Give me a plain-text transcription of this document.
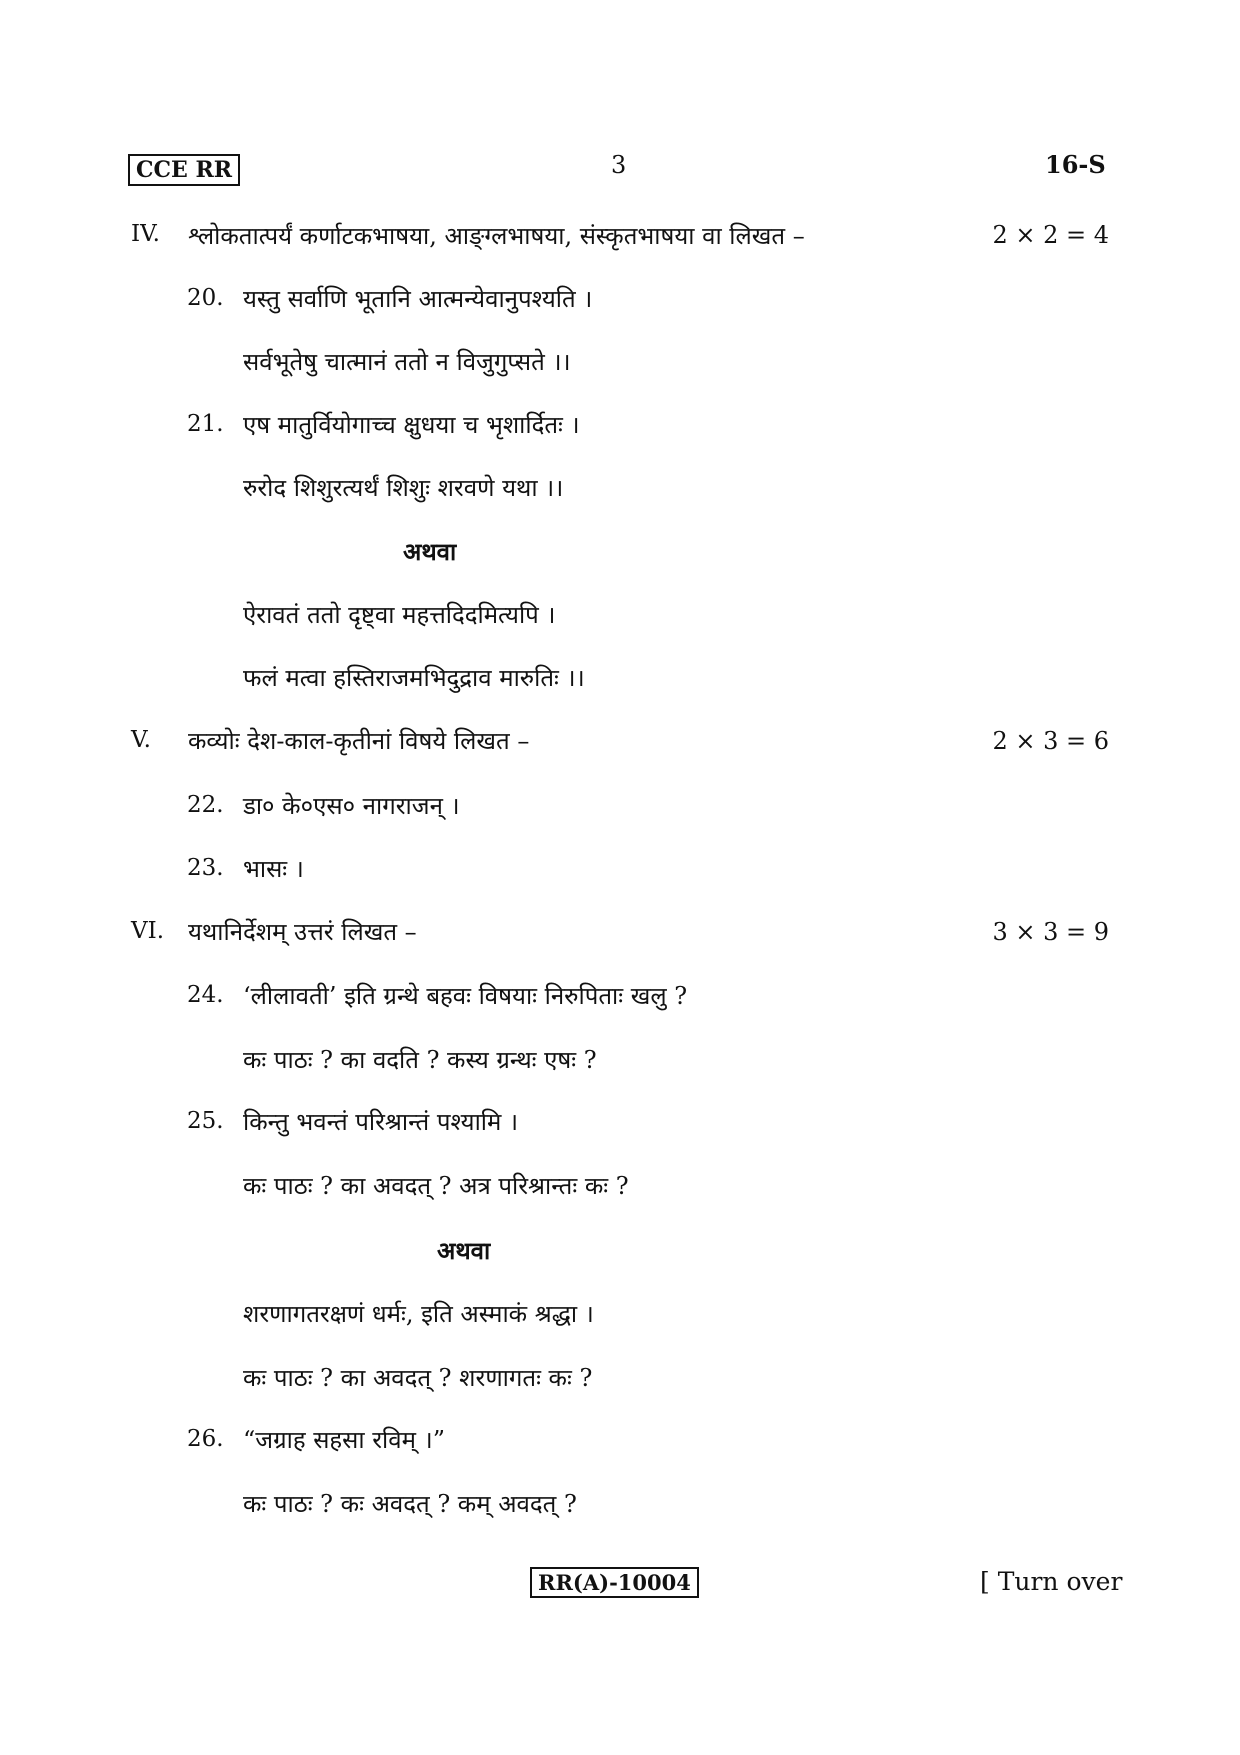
CCE RR	3	16-S
IV. श्लोकतात्पर्यं कर्णाटकभाषया, आङ्ग्लभाषया, संस्कृतभाषया वा लिखत –	2 × 2 = 4
20. यस्तु सर्वाणि भूतानि आत्मन्येवानुपश्यति ।
सर्वभूतेषु चात्मानं ततो न विजुगुप्सते ।।
21. एष मातुर्वियोगाच्च क्षुधया च भृशार्दितः ।
रुरोद शिशुरत्यर्थं शिशुः शरवणे यथा ।।
अथवा
ऐरावतं ततो दृष्ट्वा महत्तदिदमित्यपि ।
फलं मत्वा हस्तिराजमभिदुद्राव मारुतिः ।।
V. कव्योः देश-काल-कृतीनां विषये लिखत –	2 × 3 = 6
22. डा० के०एस० नागराजन् ।
23. भासः ।
VI. यथानिर्देशम् उत्तरं लिखत –	3 × 3 = 9
24. ‘लीलावती’ इति ग्रन्थे बहवः विषयाः निरुपिताः खलु ?
कः पाठः ? का वदति ? कस्य ग्रन्थः एषः ?
25. किन्तु भवन्तं परिश्रान्तं पश्यामि ।
कः पाठः ? का अवदत् ? अत्र परिश्रान्तः कः ?
अथवा
शरणागतरक्षणं धर्मः, इति अस्माकं श्रद्धा ।
कः पाठः ? का अवदत् ? शरणागतः कः ?
26. “जग्राह सहसा रविम् ।”
कः पाठः ? कः अवदत् ? कम् अवदत् ?
RR(A)-10004	[ Turn over
